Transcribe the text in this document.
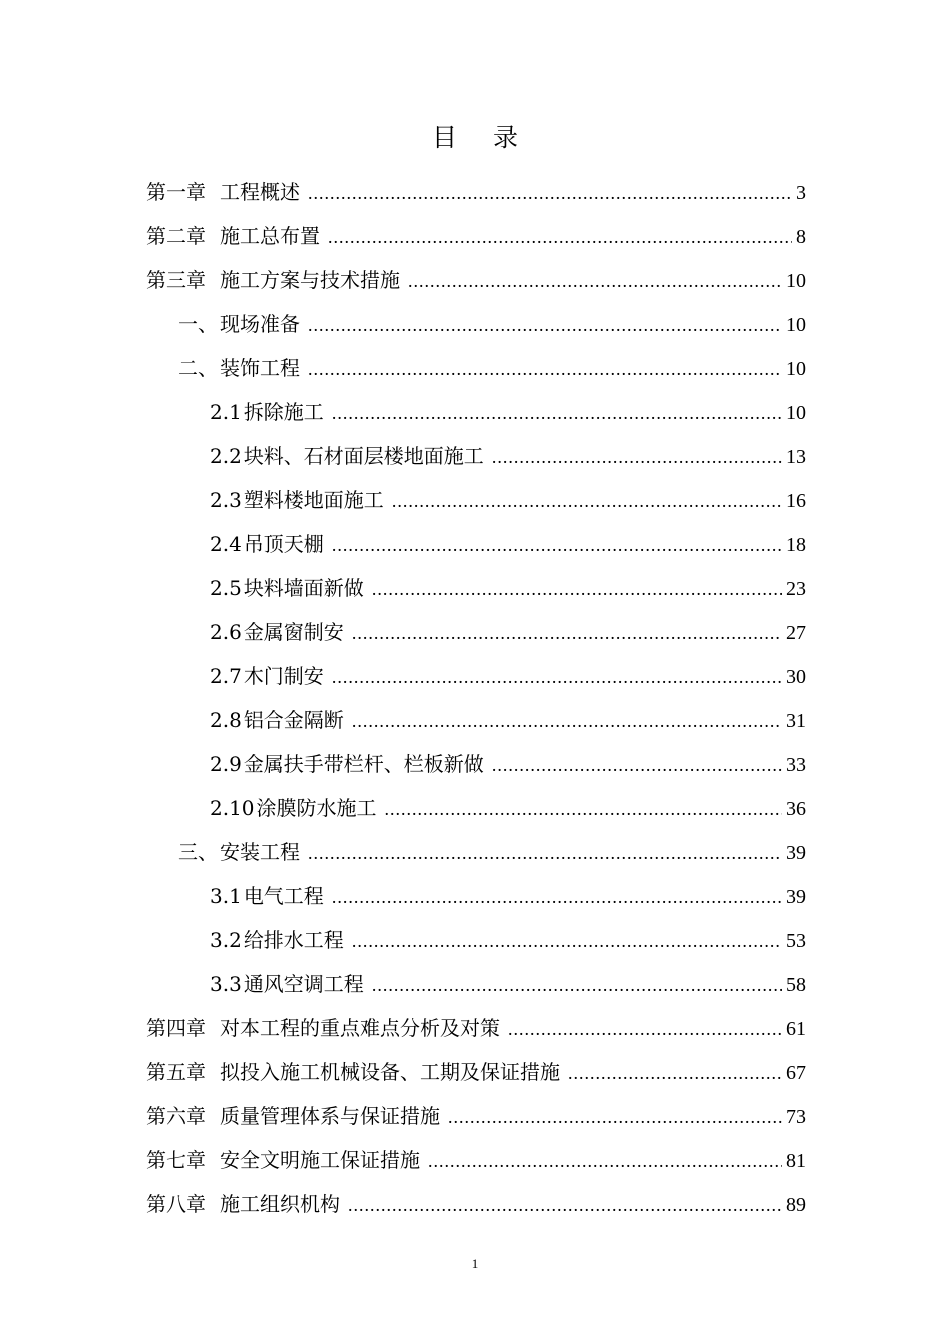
目 录
第一章 工程概述 .....	3
第二章 施工总布置 .....	8
第三章 施工方案与技术措施 .....	10
一、 现场准备 .....	10
二、 装饰工程 .....	10
2.1 拆除施工 .....	10
2.2 块料、石材面层楼地面施工 .....	13
2.3 塑料楼地面施工 .....	16
2.4 吊顶天棚 .....	18
2.5 块料墙面新做 .....	23
2.6 金属窗制安 .....	27
2.7 木门制安 .....	30
2.8 铝合金隔断 .....	31
2.9 金属扶手带栏杆、栏板新做 .....	33
2.10 涂膜防水施工 .....	36
三、 安装工程 .....	39
3.1 电气工程 .....	39
3.2 给排水工程 .....	53
3.3 通风空调工程 .....	58
第四章 对本工程的重点难点分析及对策 .....	61
第五章 拟投入施工机械设备、工期及保证措施 .....	67
第六章 质量管理体系与保证措施 .....	73
第七章 安全文明施工保证措施 .....	81
第八章 施工组织机构 .....	89
1
